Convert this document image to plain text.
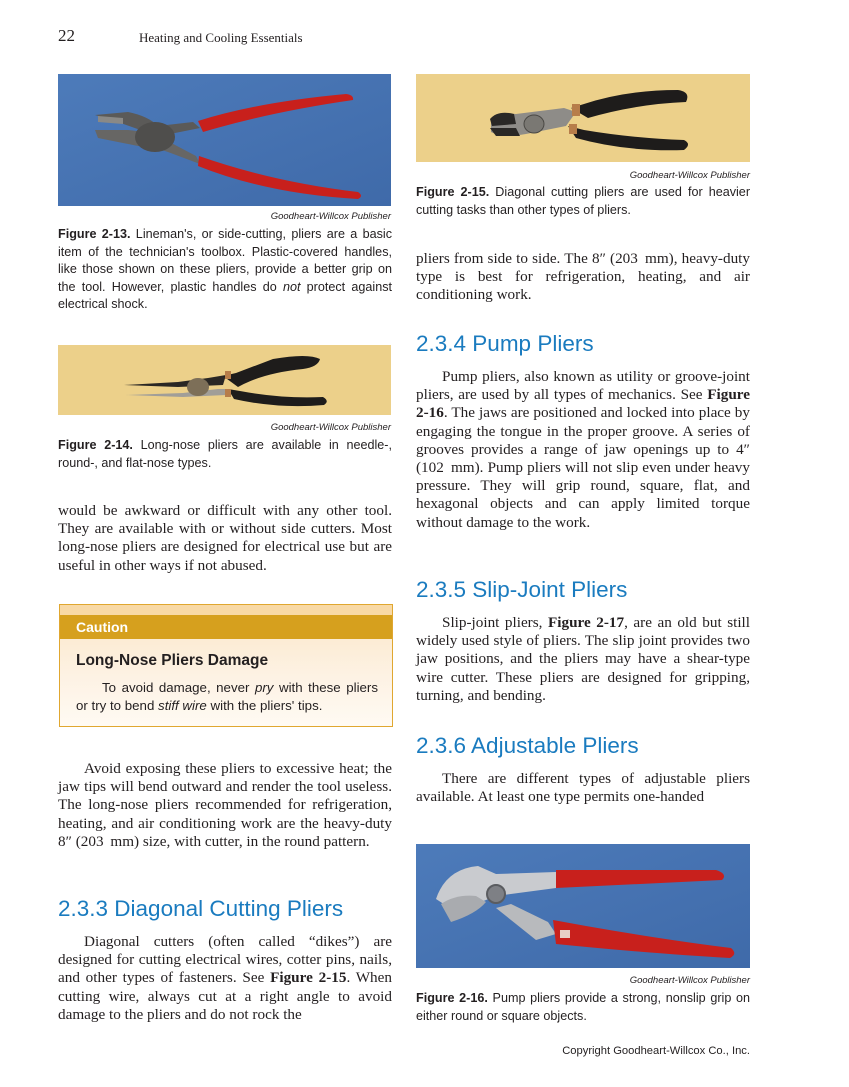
22	Heating and Cooling Essentials
Goodheart-Willcox Publisher
Figure 2-13. Lineman's, or side-cutting, pliers are a basic item of the technician's toolbox. Plastic-covered handles, like those shown on these pliers, provide a better grip on the tool. However, plastic handles do not protect against electrical shock.
Goodheart-Willcox Publisher
Figure 2-14. Long-nose pliers are available in needle-, round-, and flat-nose types.

would be awkward or difficult with any other tool. They are available with or without side cutters. Most long-nose pliers are designed for electrical use but are useful in other ways if not abused.

Caution
Long-Nose Pliers Damage
To avoid damage, never pry with these pliers or try to bend stiff wire with the pliers' tips.

Avoid exposing these pliers to excessive heat; the jaw tips will bend outward and render the tool useless. The long-nose pliers recommended for refrigeration, heating, and air conditioning work are the heavy-duty 8″ (203  mm) size, with cutter, in the round pattern.

2.3.3 Diagonal Cutting Pliers

Diagonal cutters (often called “dikes”) are designed for cutting electrical wires, cotter pins, nails, and other types of fasteners. See Figure 2-15. When cutting wire, always cut at a right angle to avoid damage to the pliers and do not rock the

Goodheart-Willcox Publisher
Figure 2-15. Diagonal cutting pliers are used for heavier cutting tasks than other types of pliers.

pliers from side to side. The 8″ (203  mm), heavy-duty type is best for refrigeration, heating, and air conditioning work.

2.3.4 Pump Pliers

Pump pliers, also known as utility or groove-joint pliers, are used by all types of mechanics. See Figure 2-16. The jaws are positioned and locked into place by engaging the tongue in the proper groove. A series of grooves provides a range of jaw openings up to 4″ (102  mm). Pump pliers will not slip even under heavy pressure. They will grip round, square, flat, and hexagonal objects and can apply limited torque without damage to the work.

2.3.5 Slip-Joint Pliers

Slip-joint pliers, Figure 2-17, are an old but still widely used style of pliers. The slip joint provides two jaw positions, and the pliers may have a shear-type wire cutter. These pliers are designed for gripping, turning, and bending.

2.3.6 Adjustable Pliers

There are different types of adjustable pliers available. At least one type permits one-handed

Goodheart-Willcox Publisher
Figure 2-16. Pump pliers provide a strong, nonslip grip on either round or square objects.
Copyright Goodheart-Willcox Co., Inc.
